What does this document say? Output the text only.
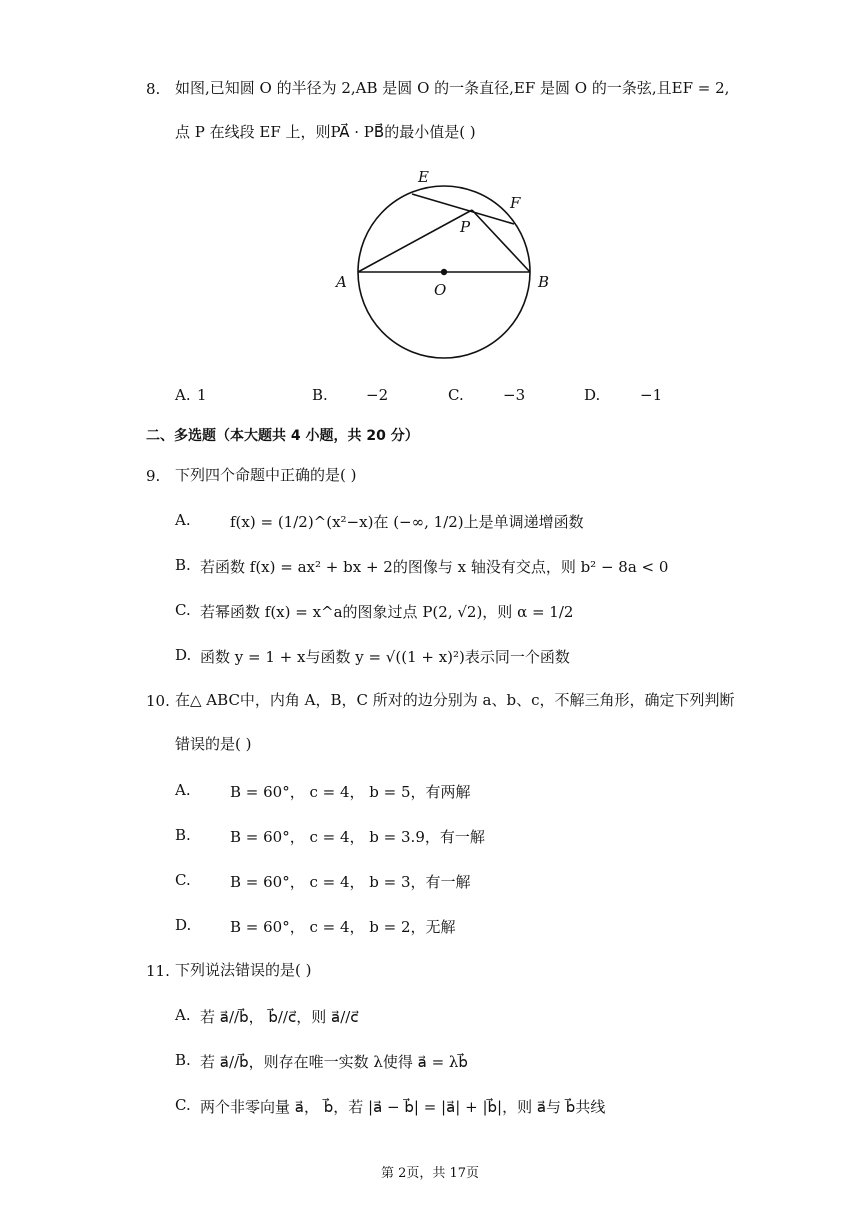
8. 如图,已知圆 O 的半径为 2,AB 是圆 O 的一条直径,EF 是圆 O 的一条弦,且EF = 2,
点 P 在线段 EF 上，则PA⃗ · PB⃗的最小值是( )
E
F
P
A	B
O
A. 1	B.	−2	C.	−3	D.	−1
二、多选题（本大题共 4 小题，共 20 分）
9. 下列四个命题中正确的是( )
A.	f(x) = (1/2)^(x²−x)在 (−∞, 1/2)上是单调递增函数
B. 若函数 f(x) = ax² + bx + 2的图像与 x 轴没有交点，则 b² − 8a < 0
C. 若幂函数 f(x) = x^a的图象过点 P(2, √2)，则 α = 1/2
D. 函数 y = 1 + x与函数 y = √((1 + x)²)表示同一个函数
10. 在△ ABC中，内角 A，B，C 所对的边分别为 a、b、c，不解三角形，确定下列判断
错误的是( )
A.	B = 60°， c = 4， b = 5，有两解
B.	B = 60°， c = 4， b = 3.9，有一解
C.	B = 60°， c = 4， b = 3，有一解
D.	B = 60°， c = 4， b = 2，无解
11. 下列说法错误的是( )
A. 若 a⃗//b⃗， b⃗//c⃗，则 a⃗//c⃗
B. 若 a⃗//b⃗，则存在唯一实数 λ使得 a⃗ = λb⃗
C. 两个非零向量 a⃗， b⃗，若 |a⃗ − b⃗| = |a⃗| + |b⃗|，则 a⃗与 b⃗共线
第 2页，共 17页
